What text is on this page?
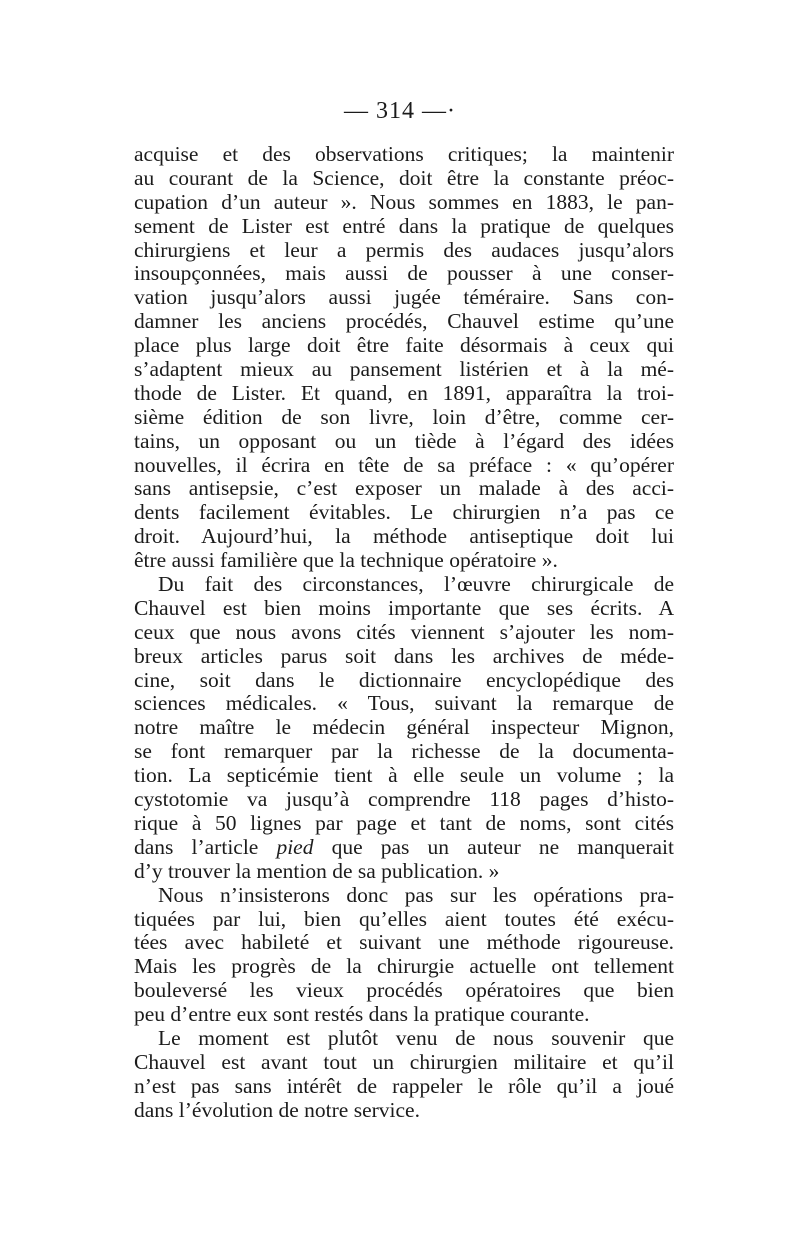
— 314 —·
acquise et des observations critiques; la maintenir
au courant de la Science, doit être la constante préoc-
cupation d’un auteur ». Nous sommes en 1883, le pan-
sement de Lister est entré dans la pratique de quelques
chirurgiens et leur a permis des audaces jusqu’alors
insoupçonnées, mais aussi de pousser à une conser-
vation jusqu’alors aussi jugée téméraire. Sans con-
damner les anciens procédés, Chauvel estime qu’une
place plus large doit être faite désormais à ceux qui
s’adaptent mieux au pansement listérien et à la mé-
thode de Lister. Et quand, en 1891, apparaîtra la troi-
sième édition de son livre, loin d’être, comme cer-
tains, un opposant ou un tiède à l’égard des idées
nouvelles, il écrira en tête de sa préface : « qu’opérer
sans antisepsie, c’est exposer un malade à des acci-
dents facilement évitables. Le chirurgien n’a pas ce
droit. Aujourd’hui, la méthode antiseptique doit lui
être aussi familière que la technique opératoire ».
Du fait des circonstances, l’œuvre chirurgicale de
Chauvel est bien moins importante que ses écrits. A
ceux que nous avons cités viennent s’ajouter les nom-
breux articles parus soit dans les archives de méde-
cine, soit dans le dictionnaire encyclopédique des
sciences médicales. « Tous, suivant la remarque de
notre maître le médecin général inspecteur Mignon,
se font remarquer par la richesse de la documenta-
tion. La septicémie tient à elle seule un volume ; la
cystotomie va jusqu’à comprendre 118 pages d’histo-
rique à 50 lignes par page et tant de noms, sont cités
dans l’article pied que pas un auteur ne manquerait
d’y trouver la mention de sa publication. »
Nous n’insisterons donc pas sur les opérations pra-
tiquées par lui, bien qu’elles aient toutes été exécu-
tées avec habileté et suivant une méthode rigoureuse.
Mais les progrès de la chirurgie actuelle ont tellement
bouleversé les vieux procédés opératoires que bien
peu d’entre eux sont restés dans la pratique courante.
Le moment est plutôt venu de nous souvenir que
Chauvel est avant tout un chirurgien militaire et qu’il
n’est pas sans intérêt de rappeler le rôle qu’il a joué
dans l’évolution de notre service.
